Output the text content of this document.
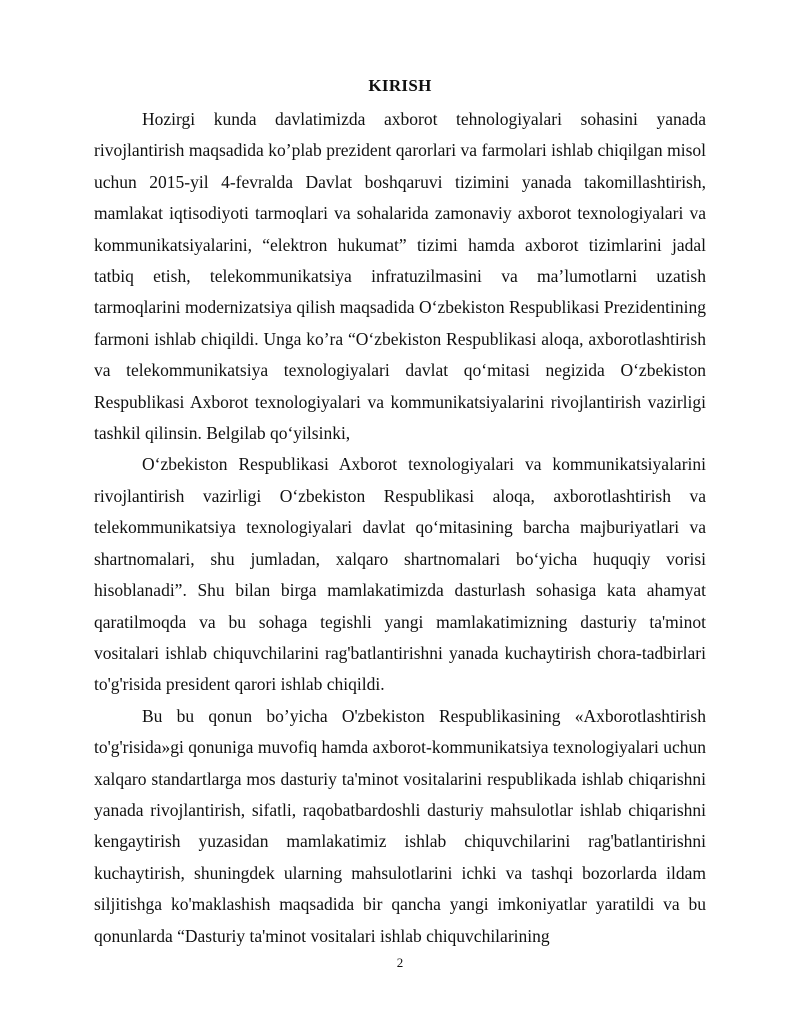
KIRISH

Hozirgi kunda davlatimizda axborot tehnologiyalari sohasini yanada rivojlantirish maqsadida ko’plab prezident qarorlari va farmolari ishlab chiqilgan misol uchun 2015-yil 4-fevralda Davlat boshqaruvi tizimini yanada takomillashtirish, mamlakat iqtisodiyoti tarmoqlari va sohalarida zamonaviy axborot texnologiyalari va kommunikatsiyalarini, “elektron hukumat” tizimi hamda axborot tizimlarini jadal tatbiq etish, telekommunikatsiya infratuzilmasini va ma’lumotlarni uzatish tarmoqlarini modernizatsiya qilish maqsadida O‘zbekiston Respublikasi Prezidentining farmoni ishlab chiqildi. Unga ko’ra “O‘zbekiston Respublikasi aloqa, axborotlashtirish va telekommunikatsiya texnologiyalari davlat qo‘mitasi negizida O‘zbekiston Respublikasi Axborot texnologiyalari va kommunikatsiyalarini rivojlantirish vazirligi tashkil qilinsin. Belgilab qo‘yilsinki,

O‘zbekiston Respublikasi Axborot texnologiyalari va kommunikatsiyalarini rivojlantirish vazirligi O‘zbekiston Respublikasi aloqa, axborotlashtirish va telekommunikatsiya texnologiyalari davlat qo‘mitasining barcha majburiyatlari va shartnomalari, shu jumladan, xalqaro shartnomalari bo‘yicha huquqiy vorisi hisoblanadi”. Shu bilan birga mamlakatimizda dasturlash sohasiga kata ahamyat qaratilmoqda va bu sohaga tegishli yangi mamlakatimizning dasturiy ta'minot vositalari ishlab chiquvchilarini rag'batlantirishni yanada kuchaytirish chora-tadbirlari to'g'risida president qarori ishlab chiqildi.

Bu bu qonun bo’yicha O'zbekiston Respublikasining «Axborotlashtirish to'g'risida»gi qonuniga muvofiq hamda axborot-kommunikatsiya texnologiyalari uchun xalqaro standartlarga mos dasturiy ta'minot vositalarini respublikada ishlab chiqarishni yanada rivojlantirish, sifatli, raqobatbardoshli dasturiy mahsulotlar ishlab chiqarishni kengaytirish yuzasidan mamlakatimiz ishlab chiquvchilarini rag'batlantirishni kuchaytirish, shuningdek ularning mahsulotlarini ichki va tashqi bozorlarda ildam siljitishga ko'maklashish maqsadida bir qancha yangi imkoniyatlar yaratildi va bu qonunlarda “Dasturiy ta'minot vositalari ishlab chiquvchilarining

2
